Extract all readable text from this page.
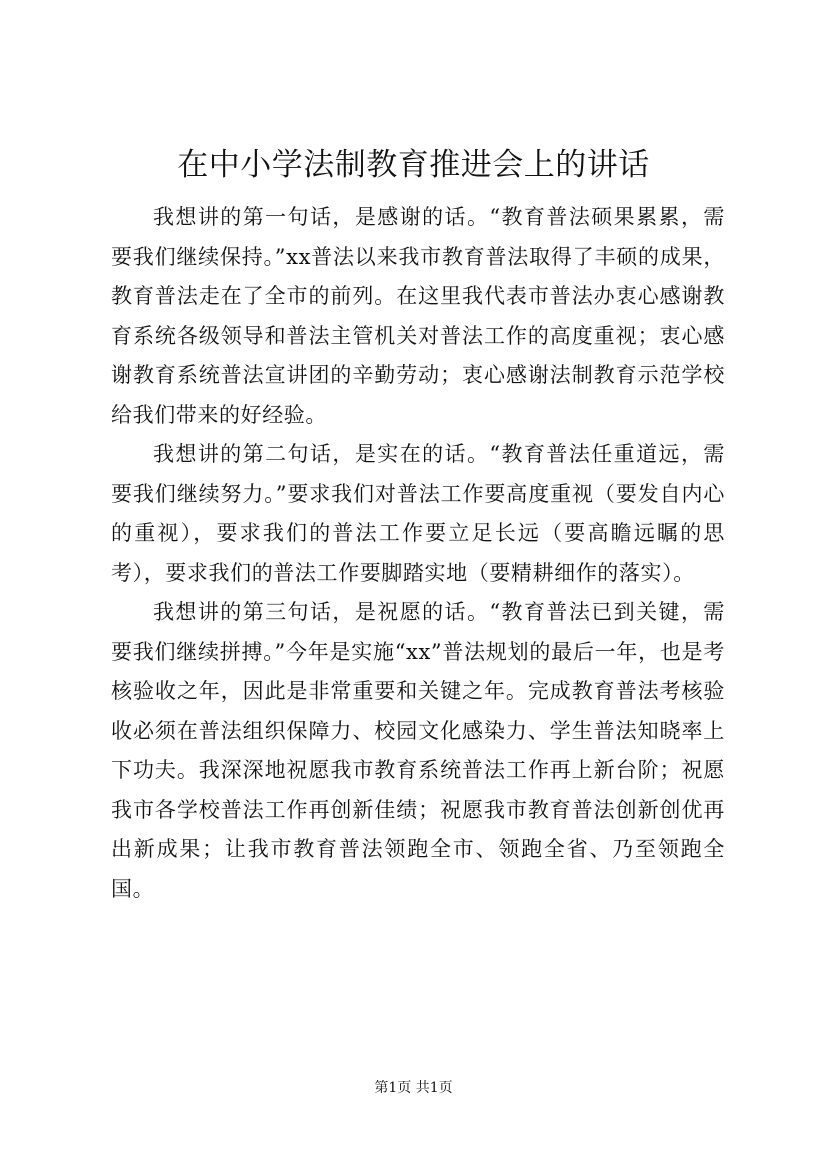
在中小学法制教育推进会上的讲话

我想讲的第一句话，是感谢的话。“教育普法硕果累累，需要我们继续保持。”xx普法以来我市教育普法取得了丰硕的成果，教育普法走在了全市的前列。在这里我代表市普法办衷心感谢教育系统各级领导和普法主管机关对普法工作的高度重视；衷心感谢教育系统普法宣讲团的辛勤劳动；衷心感谢法制教育示范学校给我们带来的好经验。

我想讲的第二句话，是实在的话。“教育普法任重道远，需要我们继续努力。”要求我们对普法工作要高度重视（要发自内心的重视），要求我们的普法工作要立足长远（要高瞻远瞩的思考），要求我们的普法工作要脚踏实地（要精耕细作的落实）。

我想讲的第三句话，是祝愿的话。“教育普法已到关键，需要我们继续拼搏。”今年是实施“xx”普法规划的最后一年，也是考核验收之年，因此是非常重要和关键之年。完成教育普法考核验收必须在普法组织保障力、校园文化感染力、学生普法知晓率上下功夫。我深深地祝愿我市教育系统普法工作再上新台阶；祝愿我市各学校普法工作再创新佳绩；祝愿我市教育普法创新创优再出新成果；让我市教育普法领跑全市、领跑全省、乃至领跑全国。

第1页 共1页
